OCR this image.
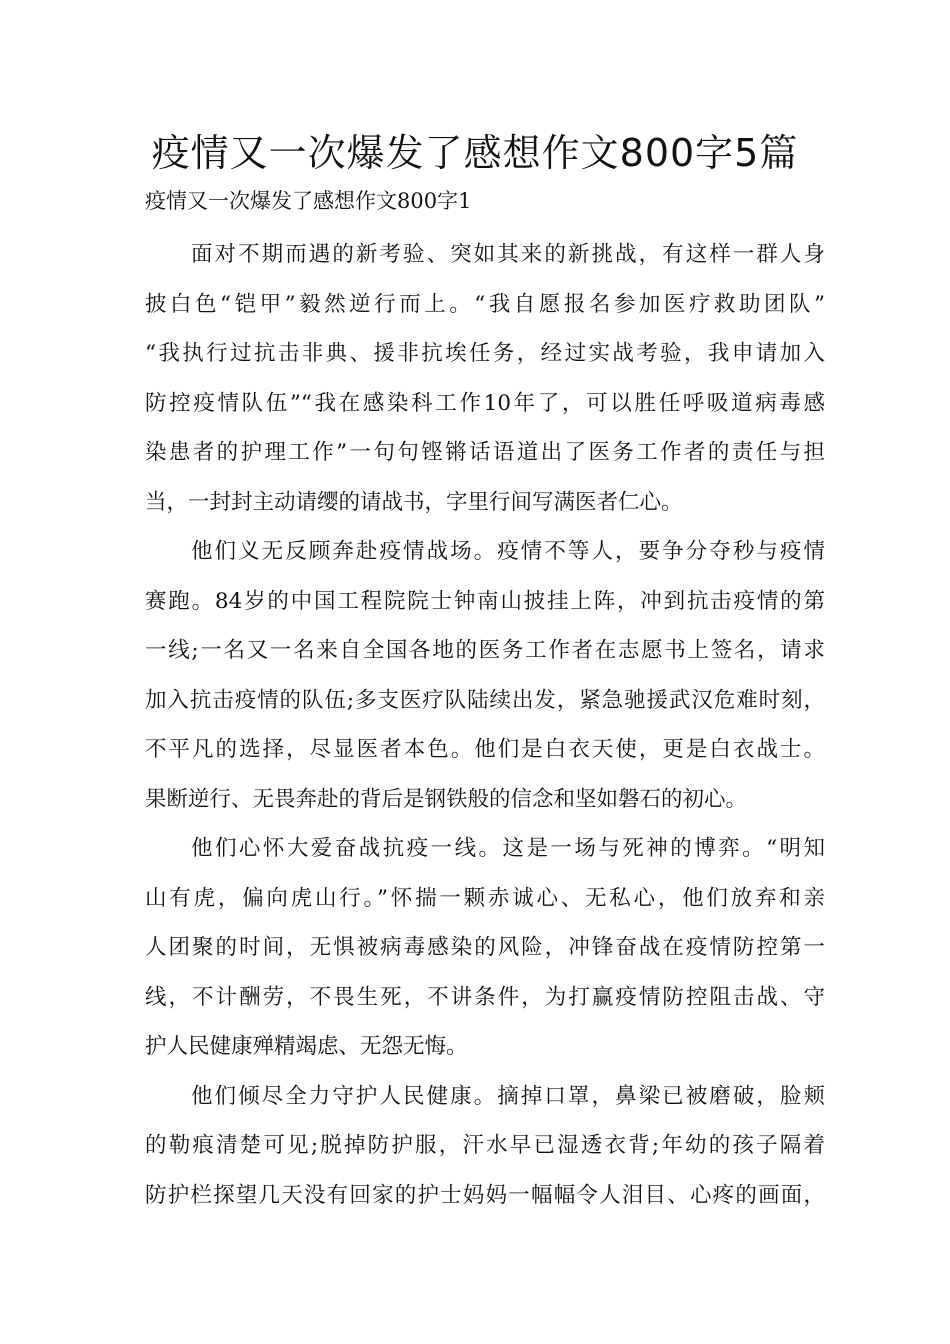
疫情又一次爆发了感想作文800字5篇
疫情又一次爆发了感想作文800字1

面对不期而遇的新考验、突如其来的新挑战，有这样一群人身
披白色“铠甲”毅然逆行而上。“我自愿报名参加医疗救助团队”
“我执行过抗击非典、援非抗埃任务，经过实战考验，我申请加入
防控疫情队伍”“我在感染科工作10年了，可以胜任呼吸道病毒感
染患者的护理工作”一句句铿锵话语道出了医务工作者的责任与担
当，一封封主动请缨的请战书，字里行间写满医者仁心。

他们义无反顾奔赴疫情战场。疫情不等人，要争分夺秒与疫情
赛跑。84岁的中国工程院院士钟南山披挂上阵，冲到抗击疫情的第
一线;一名又一名来自全国各地的医务工作者在志愿书上签名，请求
加入抗击疫情的队伍;多支医疗队陆续出发，紧急驰援武汉危难时刻，
不平凡的选择，尽显医者本色。他们是白衣天使，更是白衣战士。
果断逆行、无畏奔赴的背后是钢铁般的信念和坚如磐石的初心。

他们心怀大爱奋战抗疫一线。这是一场与死神的博弈。“明知
山有虎，偏向虎山行。”怀揣一颗赤诚心、无私心，他们放弃和亲
人团聚的时间，无惧被病毒感染的风险，冲锋奋战在疫情防控第一
线，不计酬劳，不畏生死，不讲条件，为打赢疫情防控阻击战、守
护人民健康殚精竭虑、无怨无悔。

他们倾尽全力守护人民健康。摘掉口罩，鼻梁已被磨破，脸颊
的勒痕清楚可见;脱掉防护服，汗水早已湿透衣背;年幼的孩子隔着
防护栏探望几天没有回家的护士妈妈一幅幅令人泪目、心疼的画面，
